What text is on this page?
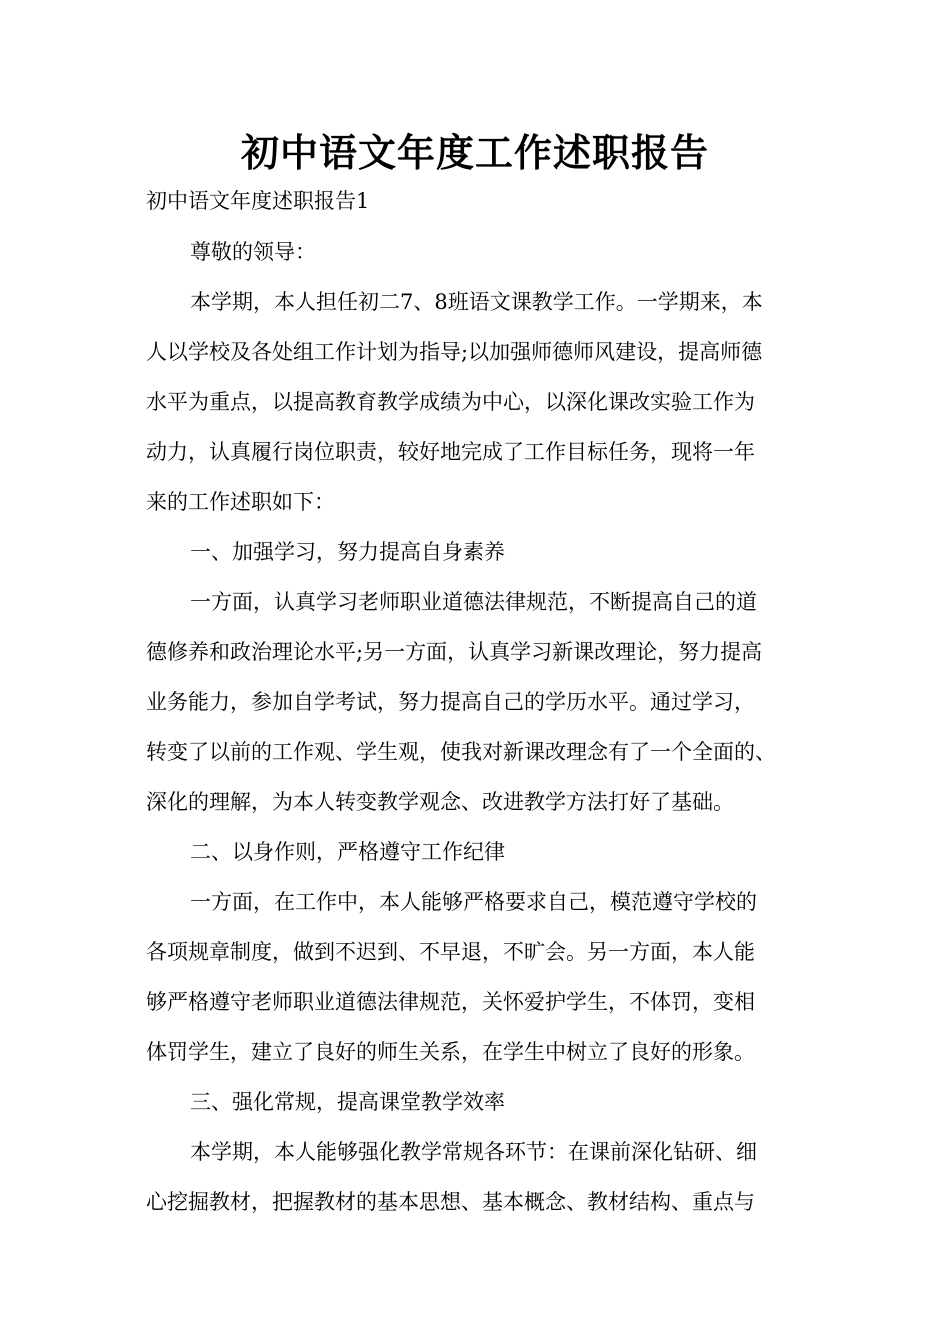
初中语文年度工作述职报告
初中语文年度述职报告1
尊敬的领导：
本学期，本人担任初二7、8班语文课教学工作。一学期来，本
人以学校及各处组工作计划为指导;以加强师德师风建设，提高师德
水平为重点，以提高教育教学成绩为中心，以深化课改实验工作为
动力，认真履行岗位职责，较好地完成了工作目标任务，现将一年
来的工作述职如下：
一、加强学习，努力提高自身素养
一方面，认真学习老师职业道德法律规范，不断提高自己的道
德修养和政治理论水平;另一方面，认真学习新课改理论，努力提高
业务能力，参加自学考试，努力提高自己的学历水平。通过学习，
转变了以前的工作观、学生观，使我对新课改理念有了一个全面的、
深化的理解，为本人转变教学观念、改进教学方法打好了基础。
二、以身作则，严格遵守工作纪律
一方面，在工作中，本人能够严格要求自己，模范遵守学校的
各项规章制度，做到不迟到、不早退，不旷会。另一方面，本人能
够严格遵守老师职业道德法律规范，关怀爱护学生，不体罚，变相
体罚学生，建立了良好的师生关系，在学生中树立了良好的形象。
三、强化常规，提高课堂教学效率
本学期，本人能够强化教学常规各环节：在课前深化钻研、细
心挖掘教材，把握教材的基本思想、基本概念、教材结构、重点与
